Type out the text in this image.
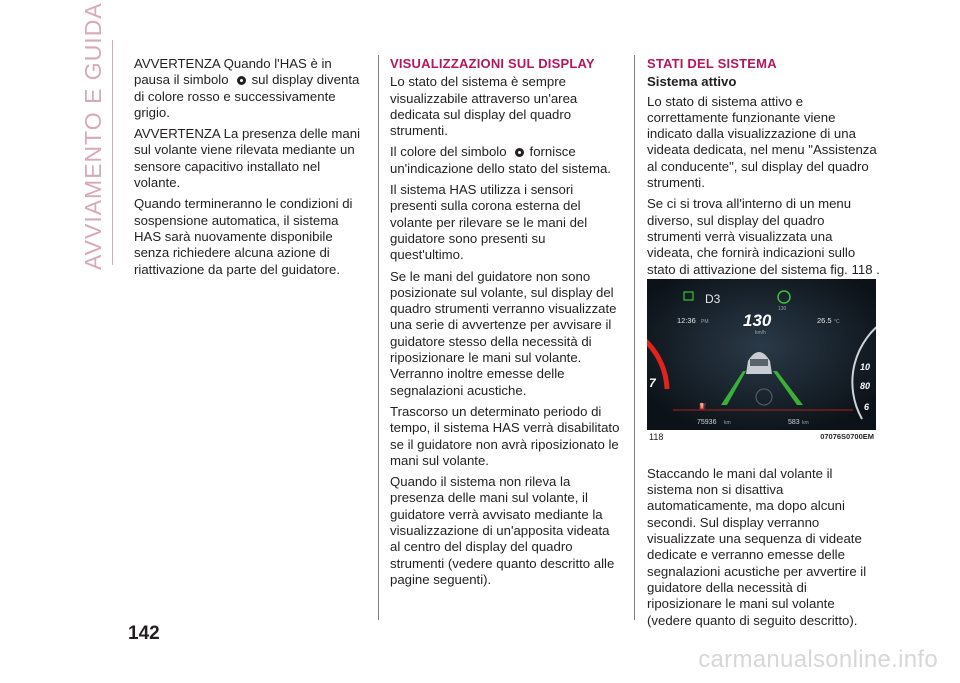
AVVIAMENTO E GUIDA AVVERTENZA Quando l'HAS è in pausa il simbolo sul display diventa di colore rosso e successivamente grigio.

AVVERTENZA La presenza delle mani sul volante viene rilevata mediante un sensore capacitivo installato nel volante.

Quando termineranno le condizioni di sospensione automatica, il sistema HAS sarà nuovamente disponibile senza richiedere alcuna azione di riattivazione da parte del guidatore.

VISUALIZZAZIONI SUL DISPLAY

Lo stato del sistema è sempre visualizzabile attraverso un'area dedicata sul display del quadro strumenti.

Il colore del simbolo fornisce un'indicazione dello stato del sistema.

Il sistema HAS utilizza i sensori presenti sulla corona esterna del volante per rilevare se le mani del guidatore sono presenti su quest'ultimo.

Se le mani del guidatore non sono posizionate sul volante, sul display del quadro strumenti verranno visualizzate una serie di avvertenze per avvisare il guidatore stesso della necessità di riposizionare le mani sul volante. Verranno inoltre emesse delle segnalazioni acustiche.

Trascorso un determinato periodo di tempo, il sistema HAS verrà disabilitato se il guidatore non avrà riposizionato le mani sul volante.

Quando il sistema non rileva la presenza delle mani sul volante, il guidatore verrà avvisato mediante la visualizzazione di un'apposita videata al centro del display del quadro strumenti (vedere quanto descritto alle pagine seguenti).

STATI DEL SISTEMA
Sistema attivo

Lo stato di sistema attivo e correttamente funzionante viene indicato dalla visualizzazione di una videata dedicata, nel menu "Assistenza al conducente", sul display del quadro strumenti.

Se ci si trova all'interno di un menu diverso, sul display del quadro strumenti verrà visualizzata una videata, che fornirà indicazioni sullo stato di attivazione del sistema fig. 118 .

Staccando le mani dal volante il sistema non si disattiva automaticamente, ma dopo alcuni secondi. Sul display verranno visualizzate una sequenza di videate dedicate e verranno emesse delle segnalazioni acustiche per avvertire il guidatore della necessità di riposizionare le mani sul volante (vedere quanto di seguito descritto).

D3
130
12:36 PM 130
km/h
26.5 °C
⛽
75936 km	583 km
7
10
80
6
118	07076S0700EM
142
carmanualsonline.info
